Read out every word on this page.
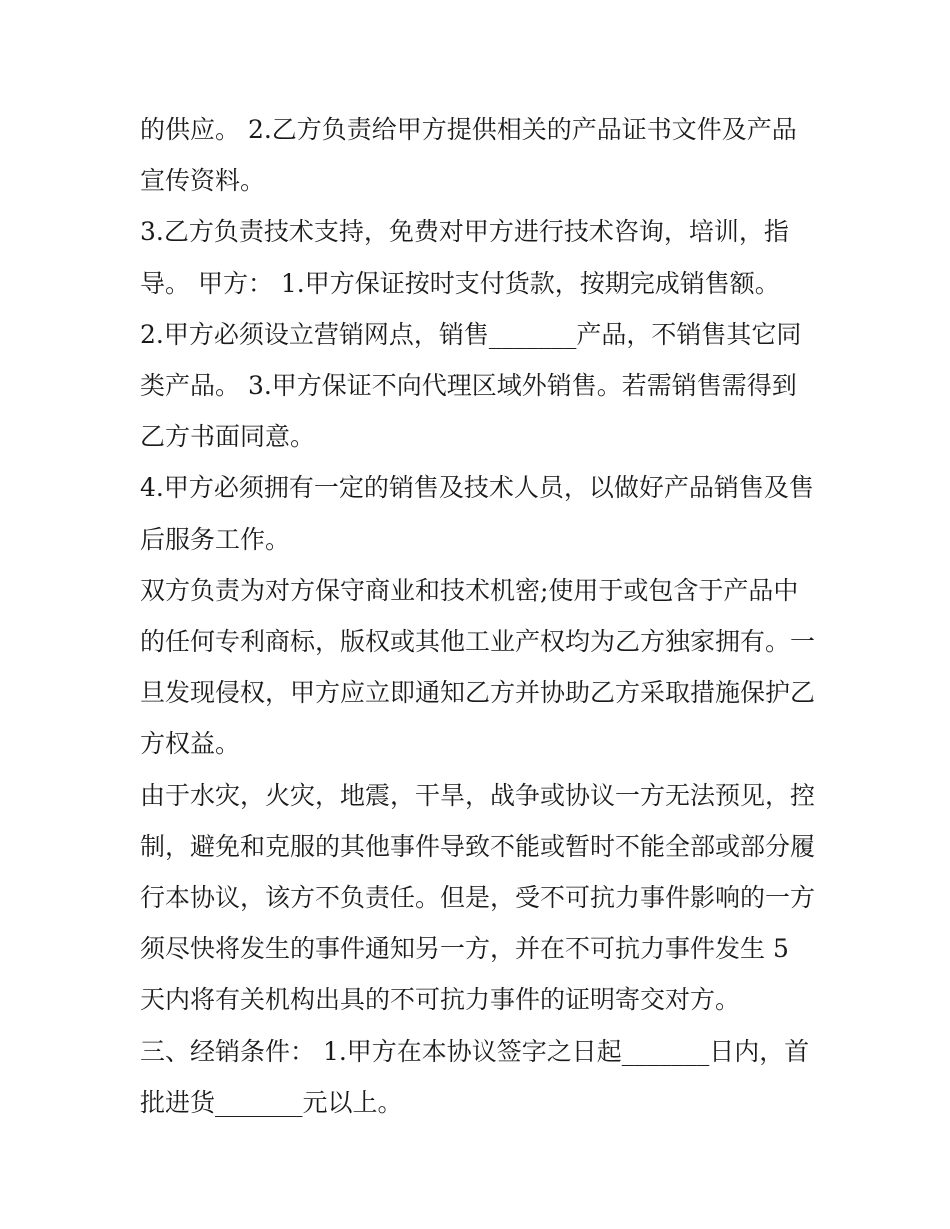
的供应。 2.乙方负责给甲方提供相关的产品证书文件及产品宣传资料。

3.乙方负责技术支持，免费对甲方进行技术咨询，培训，指导。 甲方： 1.甲方保证按时支付货款，按期完成销售额。

2.甲方必须设立营销网点，销售_______产品，不销售其它同类产品。 3.甲方保证不向代理区域外销售。若需销售需得到乙方书面同意。

4.甲方必须拥有一定的销售及技术人员，以做好产品销售及售后服务工作。

双方负责为对方保守商业和技术机密;使用于或包含于产品中的任何专利商标，版权或其他工业产权均为乙方独家拥有。一旦发现侵权，甲方应立即通知乙方并协助乙方采取措施保护乙方权益。

由于水灾，火灾，地震，干旱，战争或协议一方无法预见，控制，避免和克服的其他事件导致不能或暂时不能全部或部分履行本协议，该方不负责任。但是，受不可抗力事件影响的一方须尽快将发生的事件通知另一方，并在不可抗力事件发生 5 天内将有关机构出具的不可抗力事件的证明寄交对方。

三、经销条件： 1.甲方在本协议签字之日起_______日内，首批进货_______元以上。
